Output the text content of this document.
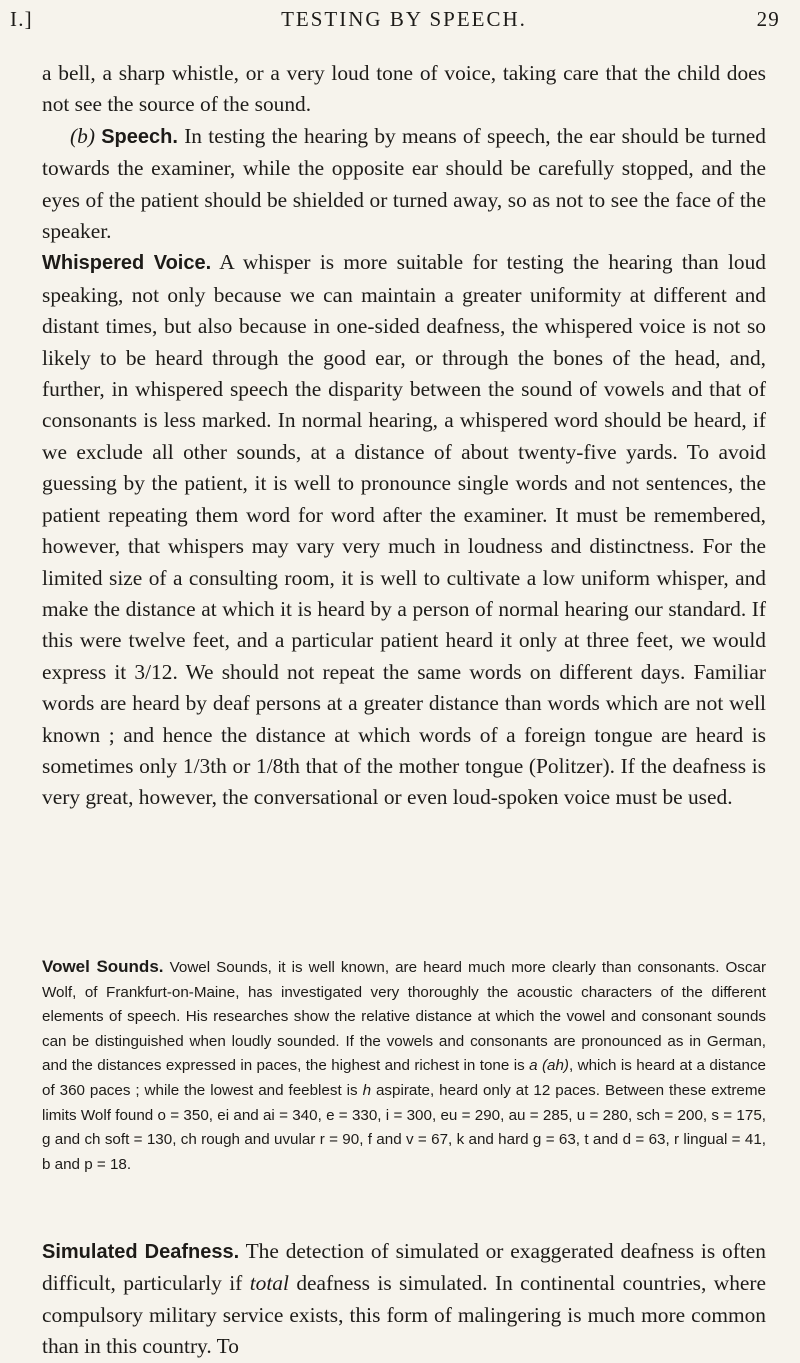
I.]	TESTING BY SPEECH.	29

a bell, a sharp whistle, or a very loud tone of voice, taking care that the child does not see the source of the sound.

(b) Speech. In testing the hearing by means of speech, the ear should be turned towards the examiner, while the opposite ear should be carefully stopped, and the eyes of the patient should be shielded or turned away, so as not to see the face of the speaker.

Whispered Voice. A whisper is more suitable for testing the hearing than loud speaking, not only because we can maintain a greater uniformity at different and distant times, but also because in one-sided deafness, the whispered voice is not so likely to be heard through the good ear, or through the bones of the head, and, further, in whispered speech the disparity between the sound of vowels and that of consonants is less marked. In normal hearing, a whispered word should be heard, if we exclude all other sounds, at a distance of about twenty-five yards. To avoid guessing by the patient, it is well to pronounce single words and not sentences, the patient repeating them word for word after the examiner. It must be remembered, however, that whispers may vary very much in loudness and distinctness. For the limited size of a consulting room, it is well to cultivate a low uniform whisper, and make the distance at which it is heard by a person of normal hearing our standard. If this were twelve feet, and a particular patient heard it only at three feet, we would express it 3/12. We should not repeat the same words on different days. Familiar words are heard by deaf persons at a greater distance than words which are not well known ; and hence the distance at which words of a foreign tongue are heard is sometimes only 1/3th or 1/8th that of the mother tongue (Politzer). If the deafness is very great, however, the conversational or even loud-spoken voice must be used.

Vowel Sounds. Vowel Sounds, it is well known, are heard much more clearly than consonants. Oscar Wolf, of Frankfurt-on-Maine, has investigated very thoroughly the acoustic characters of the different elements of speech. His researches show the relative distance at which the vowel and consonant sounds can be distinguished when loudly sounded. If the vowels and consonants are pronounced as in German, and the distances expressed in paces, the highest and richest in tone is a (ah), which is heard at a distance of 360 paces ; while the lowest and feeblest is h aspirate, heard only at 12 paces. Between these extreme limits Wolf found o = 350, ei and ai = 340, e = 330, i = 300, eu = 290, au = 285, u = 280, sch = 200, s = 175, g and ch soft = 130, ch rough and uvular r = 90, f and v = 67, k and hard g = 63, t and d = 63, r lingual = 41, b and p = 18.

Simulated Deafness. The detection of simulated or exaggerated deafness is often difficult, particularly if total deafness is simulated. In continental countries, where compulsory military service exists, this form of malingering is much more common than in this country. To
